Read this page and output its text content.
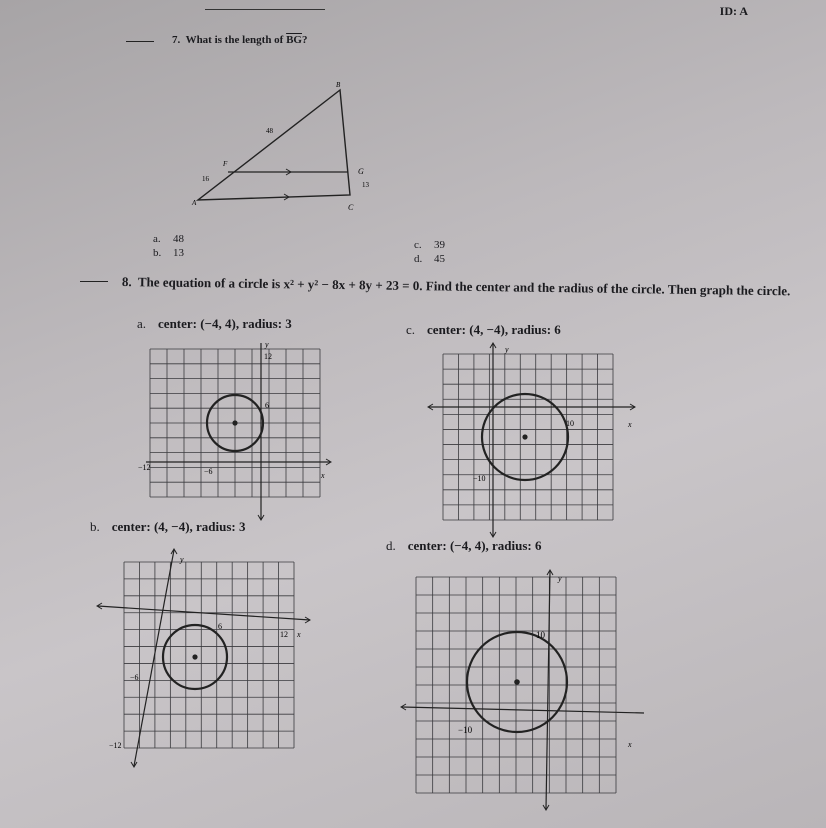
ID: A
7. What is the length of $\overline{BG}$?
B
F
G
A	C
48
16
13
a. 48
b. 13
c. 39
d. 45
8. The equation of a circle is x² + y² − 8x + 8y + 23 = 0. Find the center and the radius of the circle. Then graph the circle.
a. center: (−4, 4), radius: 3	c. center: (4, −4), radius: 6
b. center: (4, −4), radius: 3
d. center: (−4, 4), radius: 6
−12	−6
12
6
x
y
10
−10
x
y
6
12
−6
−12
x
y
−10
10
x
y
